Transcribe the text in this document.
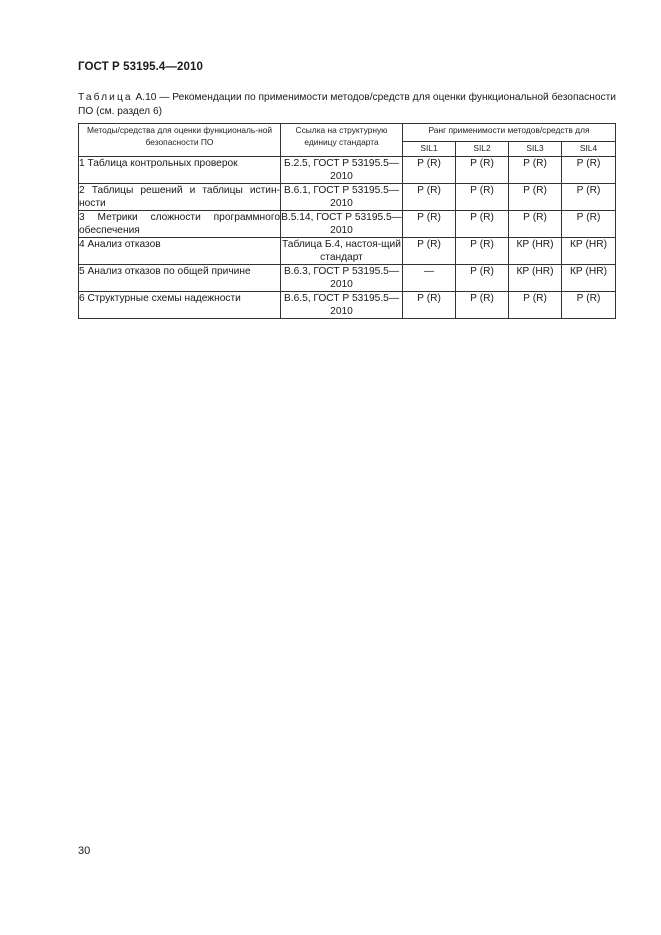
ГОСТ Р 53195.4—2010
Таблица А.10 — Рекомендации по применимости методов/средств для оценки функциональной безопасности ПО (см. раздел 6)
Методы/средства для оценки функциональ-ной безопасности ПО	Ссылка на структурную единицу стандарта	Ранг применимости методов/средств для			
		SIL1	SIL2	SIL3	SIL4
1 Таблица контрольных проверок	Б.2.5, ГОСТ Р 53195.5—2010	Р (R)	Р (R)	Р (R)	Р (R)
2 Таблицы решений и таблицы истин-ности	В.6.1, ГОСТ Р 53195.5—2010	Р (R)	Р (R)	Р (R)	Р (R)
3 Метрики сложности программного обеспечения	В.5.14, ГОСТ Р 53195.5—2010	Р (R)	Р (R)	Р (R)	Р (R)
4 Анализ отказов	Таблица Б.4, настоя-щий стандарт	Р (R)	Р (R)	КР (HR)	КР (HR)
5 Анализ отказов по общей причине	В.6.3, ГОСТ Р 53195.5—2010	—	Р (R)	КР (HR)	КР (HR)
6 Структурные схемы надежности	В.6.5, ГОСТ Р 53195.5—2010	Р (R)	Р (R)	Р (R)	Р (R)
30
